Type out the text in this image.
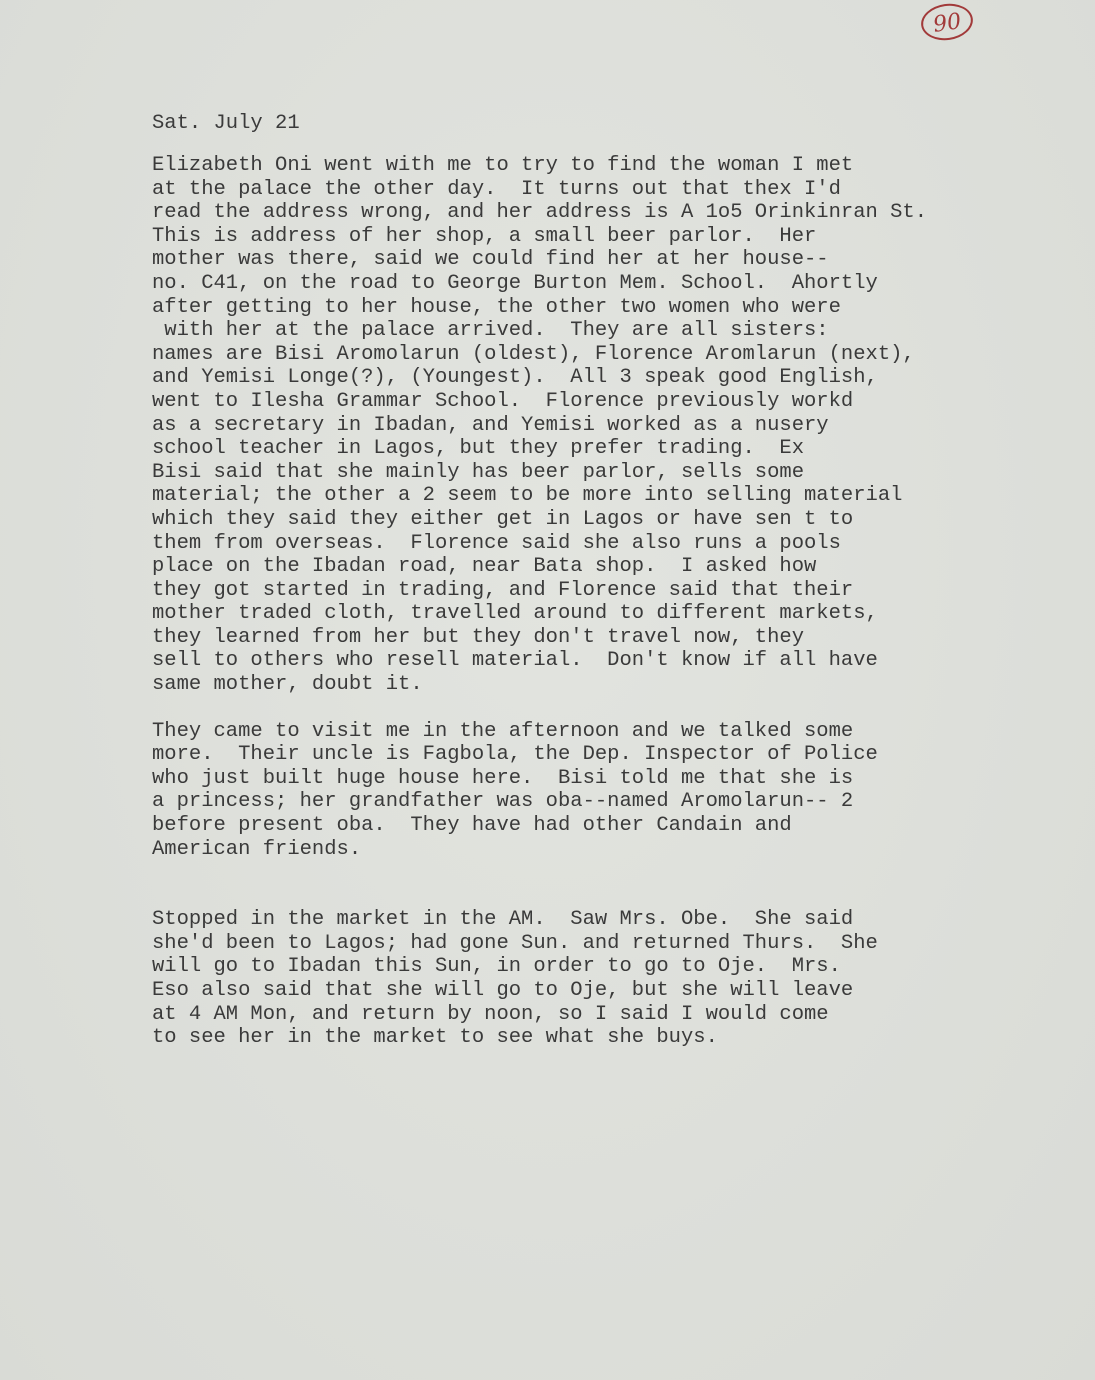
90
Sat. July 21

Elizabeth Oni went with me to try to find the woman I met
at the palace the other day.  It turns out that thex I'd
read the address wrong, and her address is A 1o5 Orinkinran St.
This is address of her shop, a small beer parlor.  Her
mother was there, said we could find her at her house--
no. C41, on the road to George Burton Mem. School.  Ahortly
after getting to her house, the other two women who were
with her at the palace arrived.  They are all sisters:
names are Bisi Aromolarun (oldest), Florence Aromlarun (next),
and Yemisi Longe(?), (Youngest).  All 3 speak good English,
went to Ilesha Grammar School.  Florence previously workd
as a secretary in Ibadan, and Yemisi worked as a nusery
school teacher in Lagos, but they prefer trading.  Ex
Bisi said that she mainly has beer parlor, sells some
material; the other a 2 seem to be more into selling material
which they said they either get in Lagos or have sen t to
them from overseas.  Florence said she also runs a pools
place on the Ibadan road, near Bata shop.  I asked how
they got started in trading, and Florence said that their
mother traded cloth, travelled around to different markets,
they learned from her but they don't travel now, they
sell to others who resell material.  Don't know if all have
same mother, doubt it.

They came to visit me in the afternoon and we talked some
more.  Their uncle is Fagbola, the Dep. Inspector of Police
who just built huge house here.  Bisi told me that she is
a princess; her grandfather was oba--named Aromolarun-- 2
before present oba.  They have had other Candain and
American friends.

Stopped in the market in the AM.  Saw Mrs. Obe.  She said
she'd been to Lagos; had gone Sun. and returned Thurs.  She
will go to Ibadan this Sun, in order to go to Oje.  Mrs.
Eso also said that she will go to Oje, but she will leave
at 4 AM Mon, and return by noon, so I said I would come
to see her in the market to see what she buys.
